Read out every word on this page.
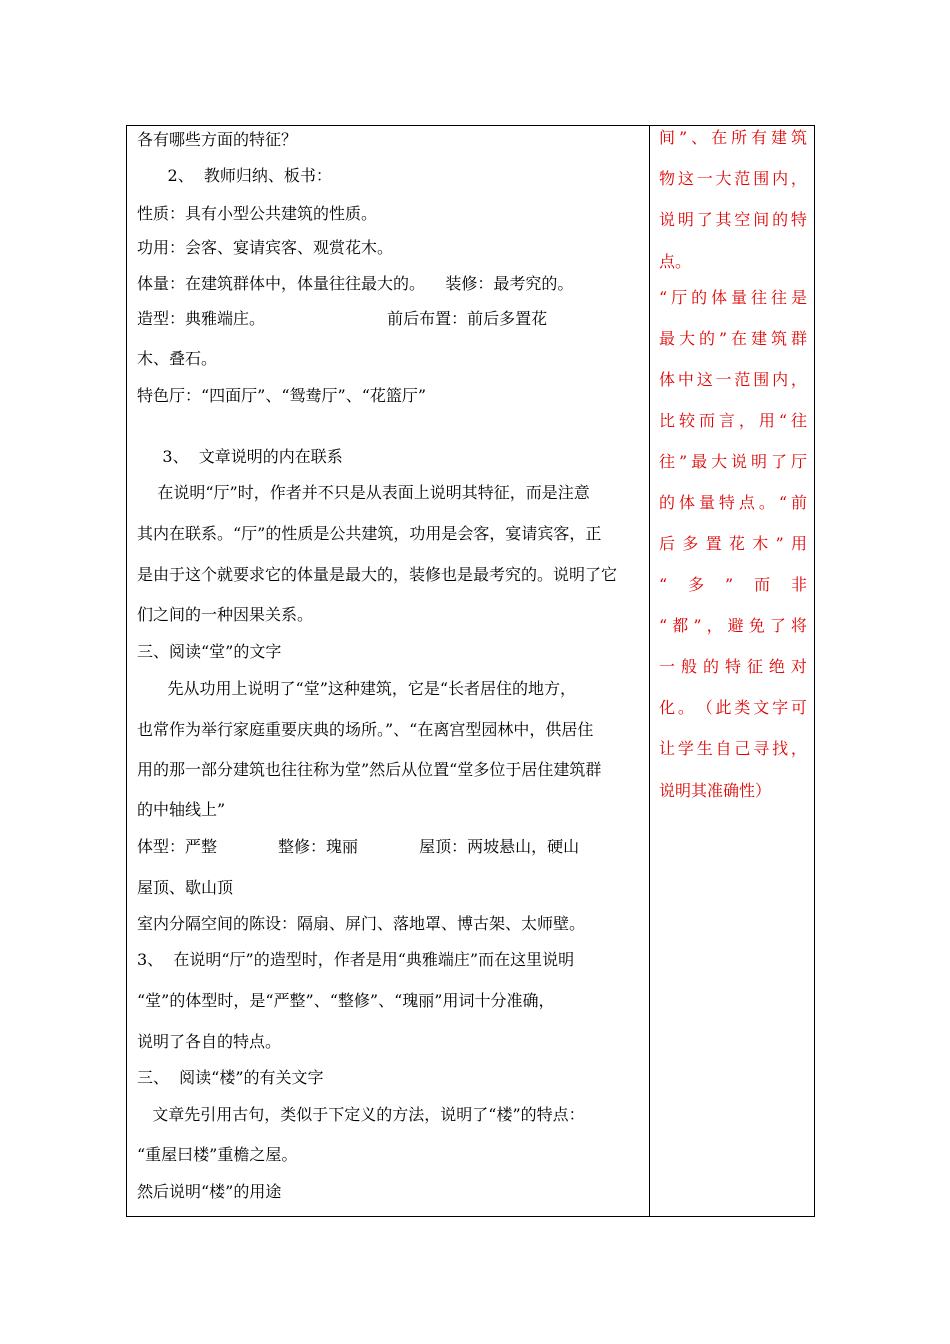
各有哪些方面的特征？
2、  教师归纳、板书：
性质：具有小型公共建筑的性质。
功用：会客、宴请宾客、观赏花木。
体量：在建筑群体中，体量往往最大的。    装修：最考究的。
造型：典雅端庄。                        前后布置：前后多置花
木、叠石。
特色厅：“四面厅”、“鸳鸯厅”、“花篮厅”
3、  文章说明的内在联系
在说明“厅”时，作者并不只是从表面上说明其特征，而是注意
其内在联系。“厅”的性质是公共建筑，功用是会客，宴请宾客，正
是由于这个就要求它的体量是最大的，装修也是最考究的。说明了它
们之间的一种因果关系。
三、阅读“堂”的文字
先从功用上说明了“堂”这种建筑，它是“长者居住的地方，
也常作为举行家庭重要庆典的场所。”、“在离宫型园林中，供居住
用的那一部分建筑也往往称为堂”然后从位置“堂多位于居住建筑群
的中轴线上”
体型：严整            整修：瑰丽            屋顶：两坡悬山，硬山
屋顶、歇山顶
室内分隔空间的陈设：隔扇、屏门、落地罩、博古架、太师壁。
3、  在说明“厅”的造型时，作者是用“典雅端庄”而在这里说明
“堂”的体型时，是“严整”、“整修”、“瑰丽”用词十分准确，
说明了各自的特点。
三、  阅读“楼”的有关文字
文章先引用古句，类似于下定义的方法，说明了“楼”的特点：
“重屋曰楼”重檐之屋。
然后说明“楼”的用途
间 ” 、 在 所 有 建 筑
物 这 一 大 范 围 内 ，
说 明 了 其 空 间 的 特
点。
“ 厅 的 体 量 往 往 是
最 大 的 ” 在 建 筑 群
体 中 这 一 范 围 内 ，
比 较 而 言 ， 用 “ 往
往 ” 最 大 说 明 了 厅
的 体 量 特 点 。 “ 前
后 多 置 花 木 ” 用
“ 多 ” 而 非
“ 都 ” ， 避 免 了 将
一 般 的 特 征 绝 对
化 。 （ 此 类 文 字 可
让 学 生 自 己 寻 找 ，
说明其准确性）
